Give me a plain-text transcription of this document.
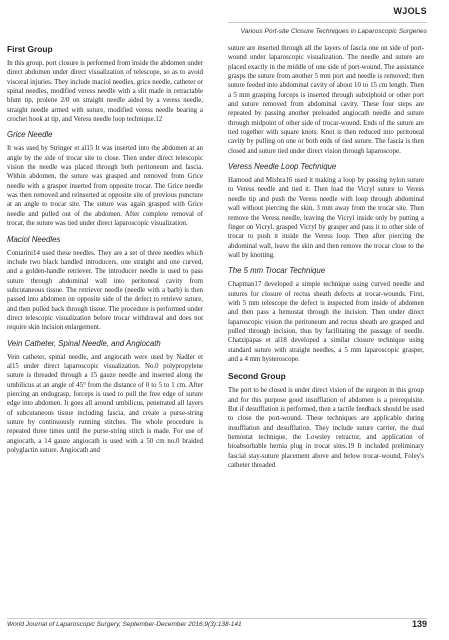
WJOLS
Various Port-site Closure Techniques in Laparoscopic Surgeries
First Group

In this group, port closure is performed from inside the abdomen under direct abdomen under direct visualization of telescope, so as to avoid visceral injuries. They include maciol needles, grice needle, catheter or spinal needles, modified veress needle with a slit made in retractable blunt tip, prolene 2/0 on straight needle aided by a veress needle, straight needle armed with suture, modified veress needle bearing a crochet hook at tip, and Veress needle loop technique.12

Grice Needle

It was used by Stringer et al15 It was inserted into the abdomen at an angle by the side of trocar site to close. Then under direct telescopic vision the needle was placed through both peritoneum and fascia. Within abdomen, the suture was grasped and removed from Grice needle with a grasper inserted from opposite trocar. The Grice needle was then removed and reinserted at opposite site of previous puncture at an angle to trocar site. The suture was again grasped with Grice needle and pulled out of the abdomen. After complete removal of trocar, the suture was tied under direct laparoscopic visualization.

Maciol Needles

Contarini14 used these needles. They are a set of three needles which include two black handled introducers, one straight and one curved, and a golden-handle retriever. The introducer needle is used to pass suture through abdominal wall into peritoneal cavity from subcutaneous tissue. The retriever needle (needle with a barb) is then passed into abdomen on opposite side of the defect to retrieve suture, and then pulled back through tissue. The procedure is performed under direct telescopic visualization before trocar withdrawal and does not require skin incision enlargement.

Vein Catheter, Spinal Needle, and Angiocath

Vein catheter, spinal needle, and angiocath were used by Nadler et al15 under direct laparoscopic visualization. No.0 polypropylene suture is threaded through a 15 gauze needle and inserted along the umbilicus at an angle of 45° from the distance of 0 to 5 to 1 cm. After piercing an endograsp, forceps is used to pull the free edge of suture edge into abdomen. It goes all around umbilicus, penetrated all layers of subcutaneous tissue including fascia, and create a purse-string suture by continuously running stitches. The whole procedure is repeated three times until the purse-string stitch is made. For use of angiocath, a 14 gauze angiocath is used with a 50 cm no.0 braided polyglactin suture. Angiocath and

suture are inserted through all the layers of fascia one on side of port-wound under laparoscopic visualization. The needle and suture are placed exactly in the middle of one side of port-wound. The assistance grasps the suture from another 5 mm port and needle is removed; then suture feeded into abdominal cavity of about 10 to 15 cm length. Then a 5 mm grasping forceps is inserted through subxiphoid or other port and suture removed from abdominal cavity. These four steps are repeated by passing another preloaded angiocath needle and suture through midpoint of other side of trocar-wound. Ends of the suture are tied together with square knots. Knot is then reduced into peritoneal cavity by pulling on one or both ends of tied suture. The fascia is then closed and suture tied under direct vision through laparoscope.

Veress Needle Loop Technique

Hamood and Mishra16 used it making a loop by passing nylon suture to Veress needle and tied it. Then load the Vicryl suture to Veress needle tip and push the Veress needle with loop through abdominal wall without piercing the skin, 3 mm away from the trocar site. Then remove the Veress needle, leaving the Vicryl inside only by putting a finger on Vicryl, grasped Vicryl by grasper and pass it to other side of trocar to push it inside the Veress loop. Then after piercing the abdominal wall, leave the skin and then remove the trocar close to the wall by knotting.

The 5 mm Trocar Technique

Chapman17 developed a simple technique using curved needle and sutures for closure of rectus sheath defects at trocar-wounds. First, with 5 mm telescope the defect is inspected from inside of abdomen and then pass a hemostat through the incision. Then under direct laparoscopic vision the peritoneum and rectus sheath are grasped and pulled through incision, thus by facilitating the passage of needle. Chatzipapas et al18 developed a similar closure technique using standard suture with straight needles, a 5 mm laparoscopic grasper, and a 4 mm hysteroscope.

Second Group

The port to be closed is under direct vision of the surgeon in this group and for this purpose good insufflation of abdomen is a prerequisite. But if desufflation is performed, then a tactile feedback should be used to close the port-wound. These techniques are applicable during insufflation and desufflation. They include suture carrier, the dual hemostat technique, the Lowsley retractor, and application of bioabsorbable hernia plug in trocar sites.19 It included preliminary fascial stay-suture placement above and below trocar-wound, Foley's catheter threaded

World Journal of Laparoscopic Surgery, September-December 2016;9(3):138-141	139
